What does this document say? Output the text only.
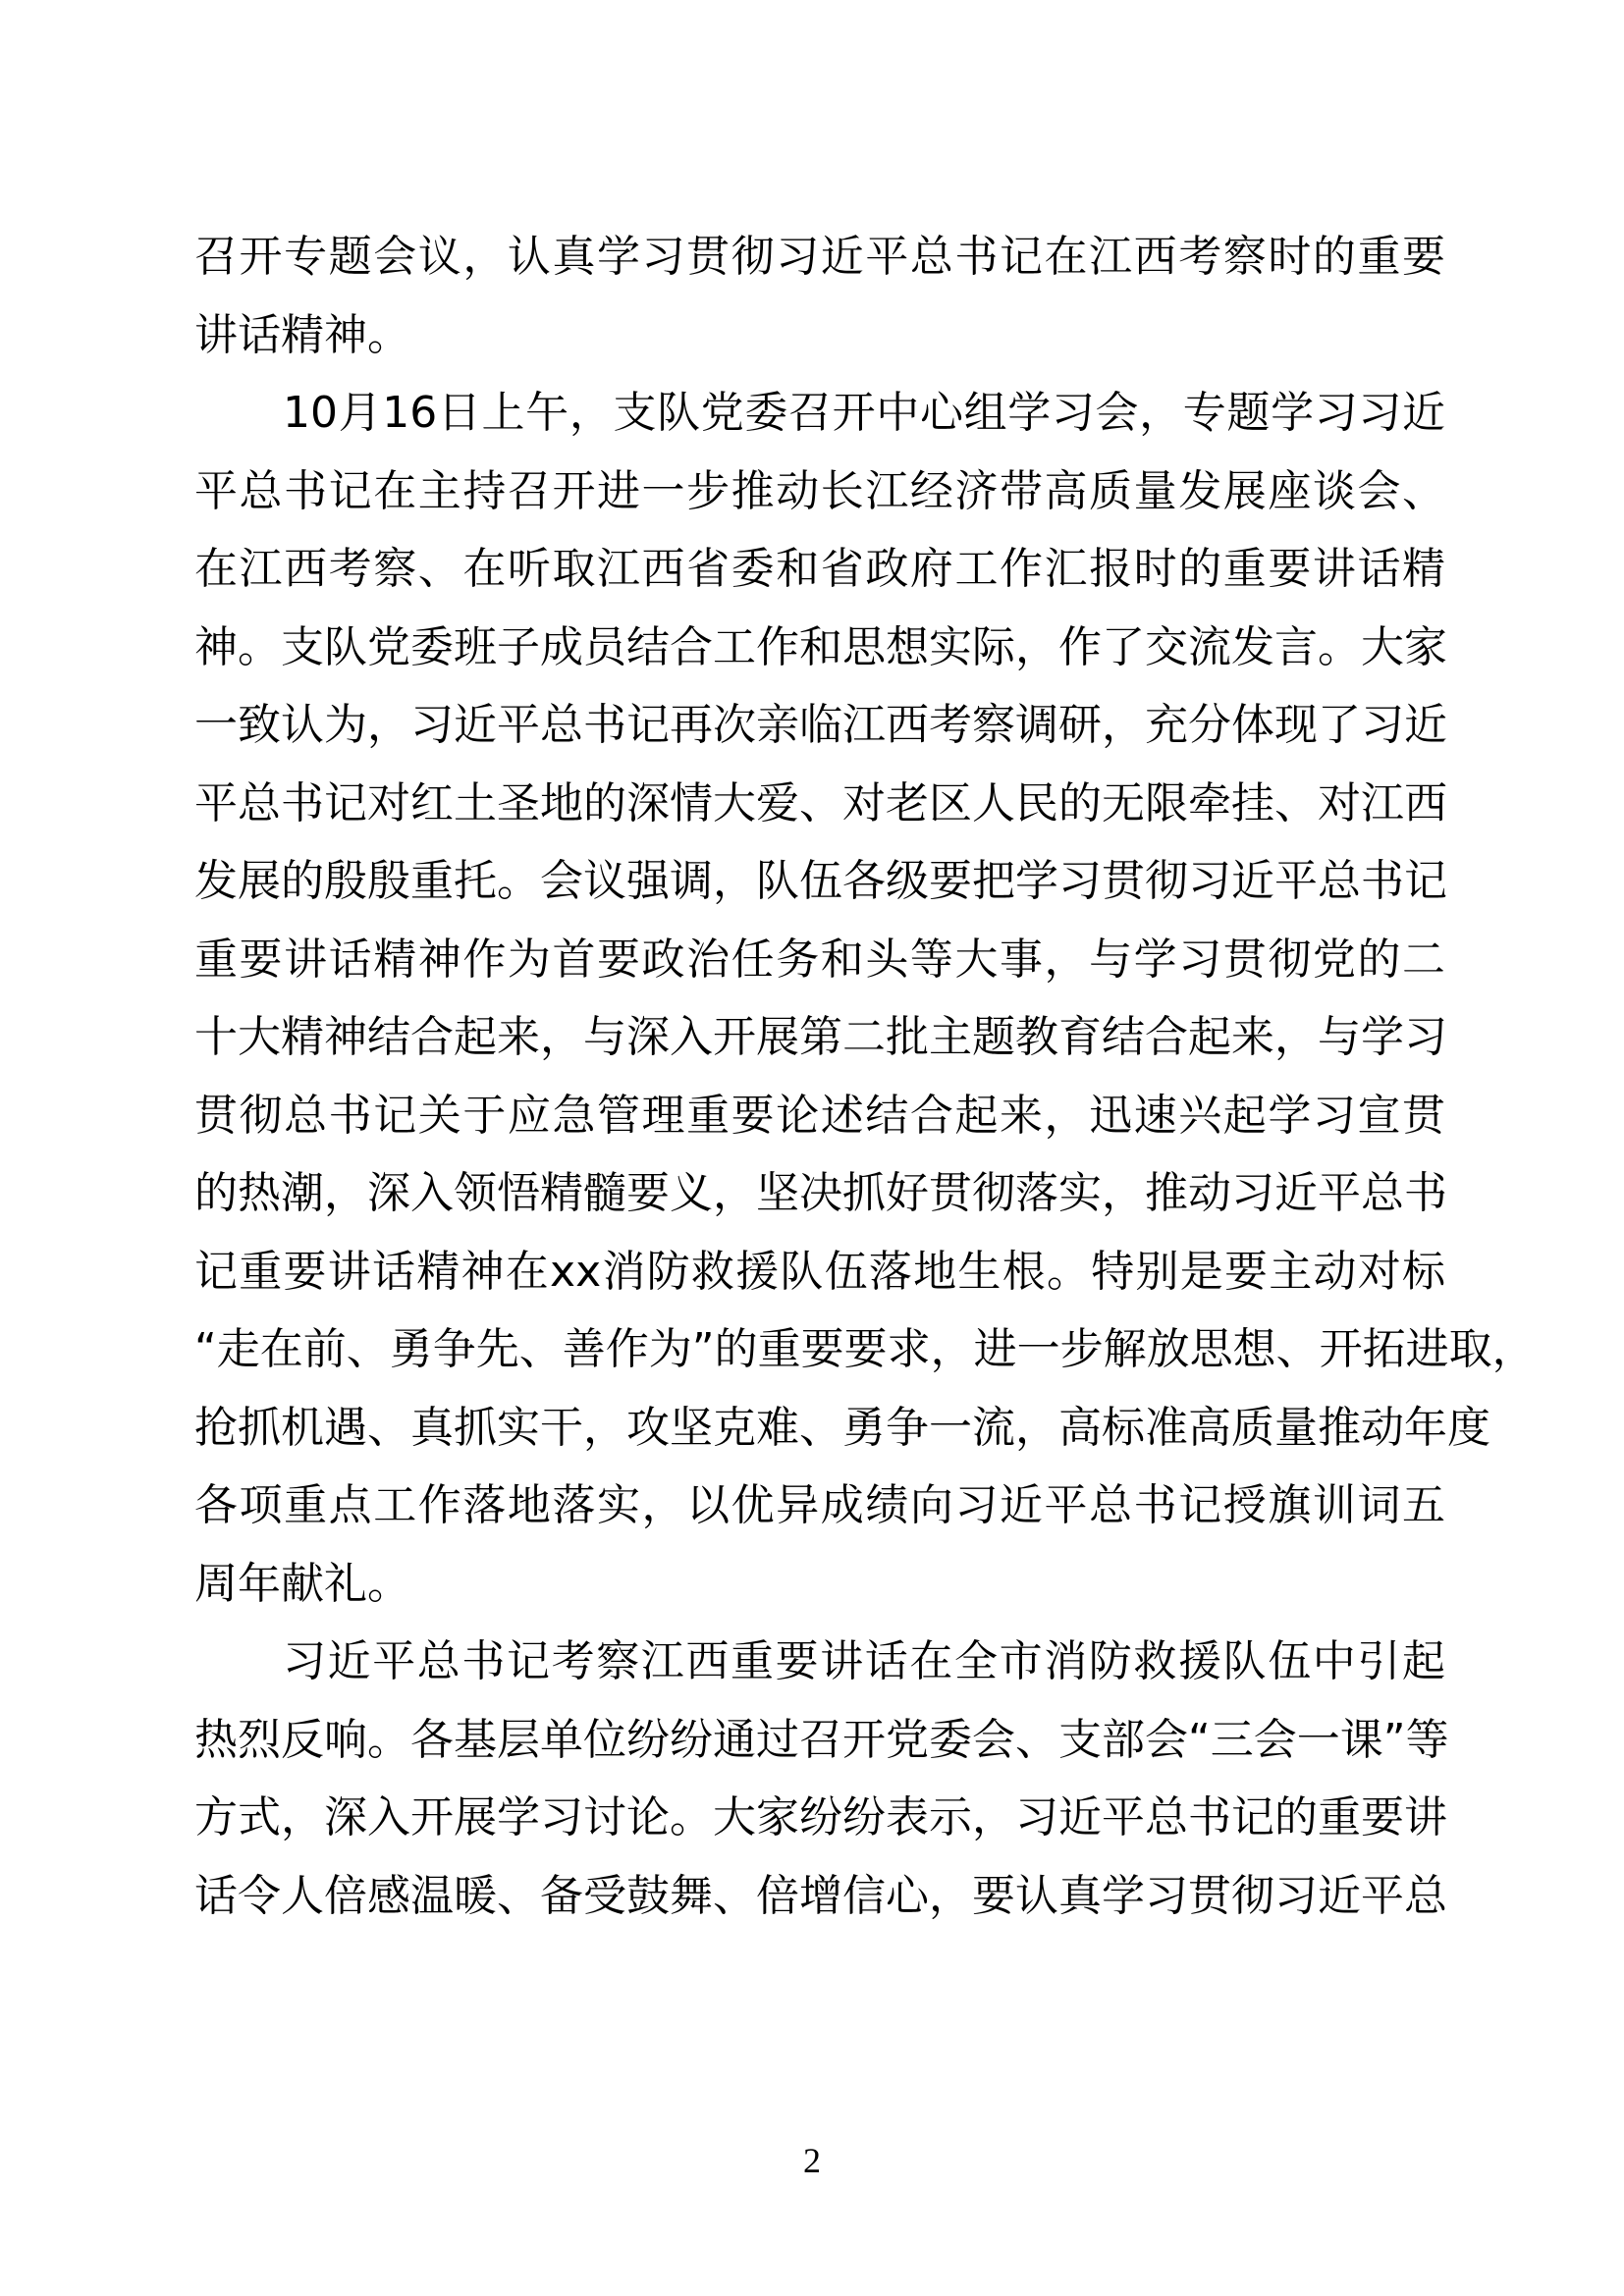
召开专题会议，认真学习贯彻习近平总书记在江西考察时的重要
讲话精神。
10月16日上午，支队党委召开中心组学习会，专题学习习近
平总书记在主持召开进一步推动长江经济带高质量发展座谈会、
在江西考察、在听取江西省委和省政府工作汇报时的重要讲话精
神。支队党委班子成员结合工作和思想实际，作了交流发言。大家
一致认为，习近平总书记再次亲临江西考察调研，充分体现了习近
平总书记对红土圣地的深情大爱、对老区人民的无限牵挂、对江西
发展的殷殷重托。会议强调，队伍各级要把学习贯彻习近平总书记
重要讲话精神作为首要政治任务和头等大事，与学习贯彻党的二
十大精神结合起来，与深入开展第二批主题教育结合起来，与学习
贯彻总书记关于应急管理重要论述结合起来，迅速兴起学习宣贯
的热潮，深入领悟精髓要义，坚决抓好贯彻落实，推动习近平总书
记重要讲话精神在xx消防救援队伍落地生根。特别是要主动对标
“走在前、勇争先、善作为”的重要要求，进一步解放思想、开拓进取，
抢抓机遇、真抓实干，攻坚克难、勇争一流，高标准高质量推动年度
各项重点工作落地落实，以优异成绩向习近平总书记授旗训词五
周年献礼。
习近平总书记考察江西重要讲话在全市消防救援队伍中引起
热烈反响。各基层单位纷纷通过召开党委会、支部会“三会一课”等
方式，深入开展学习讨论。大家纷纷表示，习近平总书记的重要讲
话令人倍感温暖、备受鼓舞、倍增信心，要认真学习贯彻习近平总
2
